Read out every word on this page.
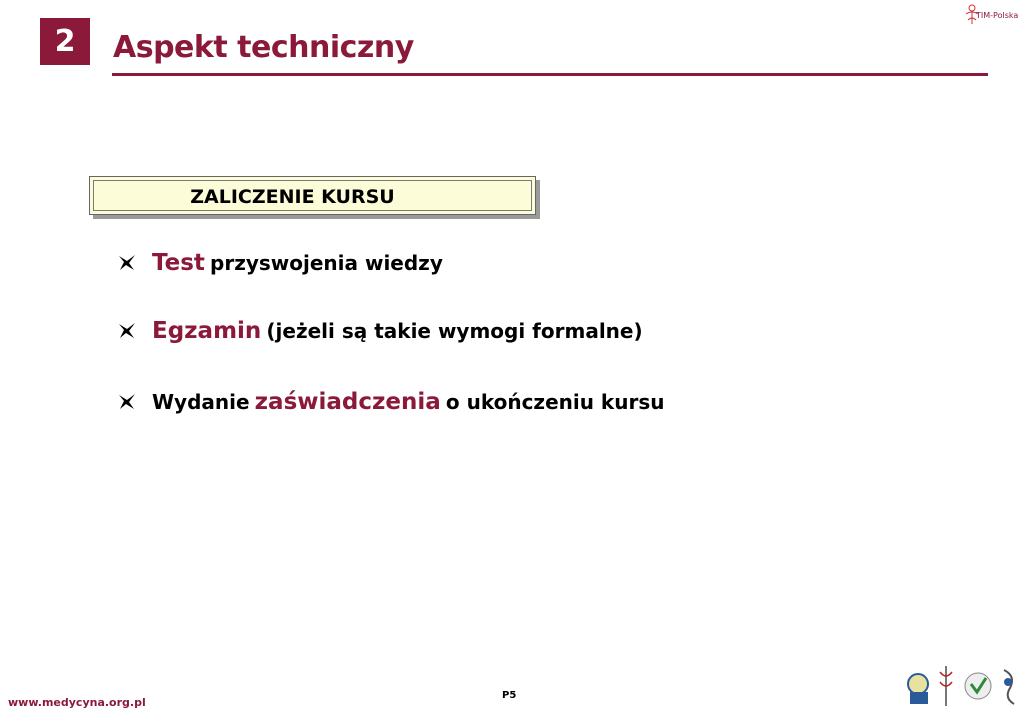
2 Aspekt techniczny
TIM-Polska
ZALICZENIE KURSU
Test
przyswojenia wiedzy
Egzamin
(jeżeli są takie wymogi formalne)
Wydanie
zaświadczenia
o ukończeniu kursu
www.medycyna.org.pl
P5
